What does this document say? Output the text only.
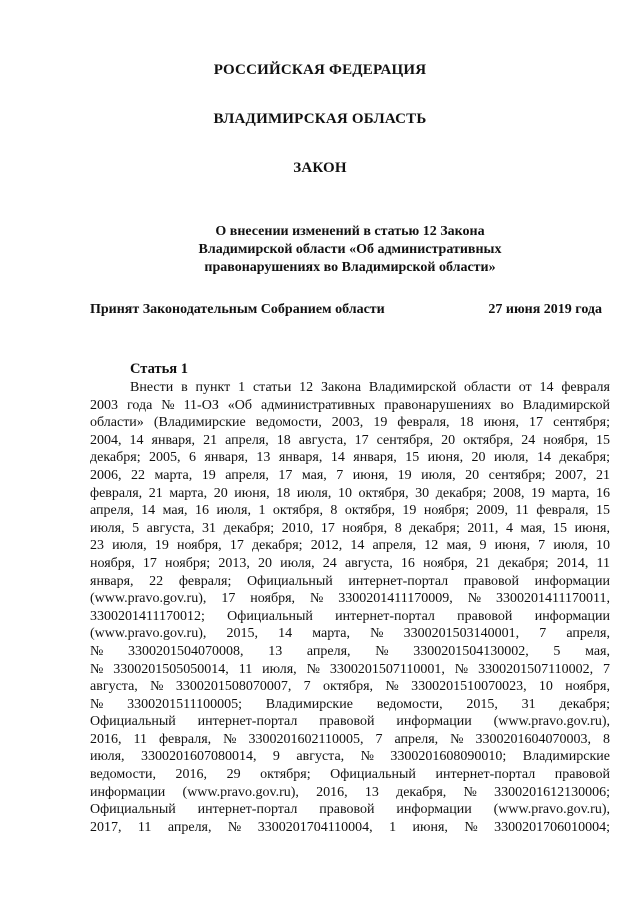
РОССИЙСКАЯ ФЕДЕРАЦИЯ
ВЛАДИМИРСКАЯ ОБЛАСТЬ
ЗАКОН
О внесении изменений в статью 12 Закона
Владимирской области «Об административных
правонарушениях во Владимирской области»
Принят Законодательным Собранием области	27 июня 2019 года
Статья 1
Внести в пункт 1 статьи 12 Закона Владимирской области от 14 февраля
2003 года № 11-ОЗ «Об административных правонарушениях во Владимирской
области» (Владимирские ведомости, 2003, 19 февраля, 18 июня, 17 сентября;
2004, 14 января, 21 апреля, 18 августа, 17 сентября, 20 октября, 24 ноября, 15
декабря; 2005, 6 января, 13 января, 14 января, 15 июня, 20 июля, 14 декабря;
2006, 22 марта, 19 апреля, 17 мая, 7 июня, 19 июля, 20 сентября; 2007, 21
февраля, 21 марта, 20 июня, 18 июля, 10 октября, 30 декабря; 2008, 19 марта, 16
апреля, 14 мая, 16 июля, 1 октября, 8 октября, 19 ноября; 2009, 11 февраля, 15
июля, 5 августа, 31 декабря; 2010, 17 ноября, 8 декабря; 2011, 4 мая, 15 июня,
23 июля, 19 ноября, 17 декабря; 2012, 14 апреля, 12 мая, 9 июня, 7 июля, 10
ноября, 17 ноября; 2013, 20 июля, 24 августа, 16 ноября, 21 декабря; 2014, 11
января, 22 февраля; Официальный интернет-портал правовой информации
(www.pravo.gov.ru), 17 ноября, № 3300201411170009, № 3300201411170011,
3300201411170012; Официальный интернет-портал правовой информации
(www.pravo.gov.ru), 2015, 14 марта, № 3300201503140001, 7 апреля,
№ 3300201504070008, 13 апреля, № 3300201504130002, 5 мая,
№ 3300201505050014, 11 июля, № 3300201507110001, № 3300201507110002, 7
августа, № 3300201508070007, 7 октября, № 3300201510070023, 10 ноября,
№ 3300201511100005; Владимирские ведомости, 2015, 31 декабря;
Официальный интернет-портал правовой информации (www.pravo.gov.ru),
2016, 11 февраля, № 3300201602110005, 7 апреля, № 3300201604070003, 8
июля, 3300201607080014, 9 августа, № 3300201608090010; Владимирские
ведомости, 2016, 29 октября; Официальный интернет-портал правовой
информации (www.pravo.gov.ru), 2016, 13 декабря, № 3300201612130006;
Официальный интернет-портал правовой информации (www.pravo.gov.ru),
2017, 11 апреля, № 3300201704110004, 1 июня, № 3300201706010004;
